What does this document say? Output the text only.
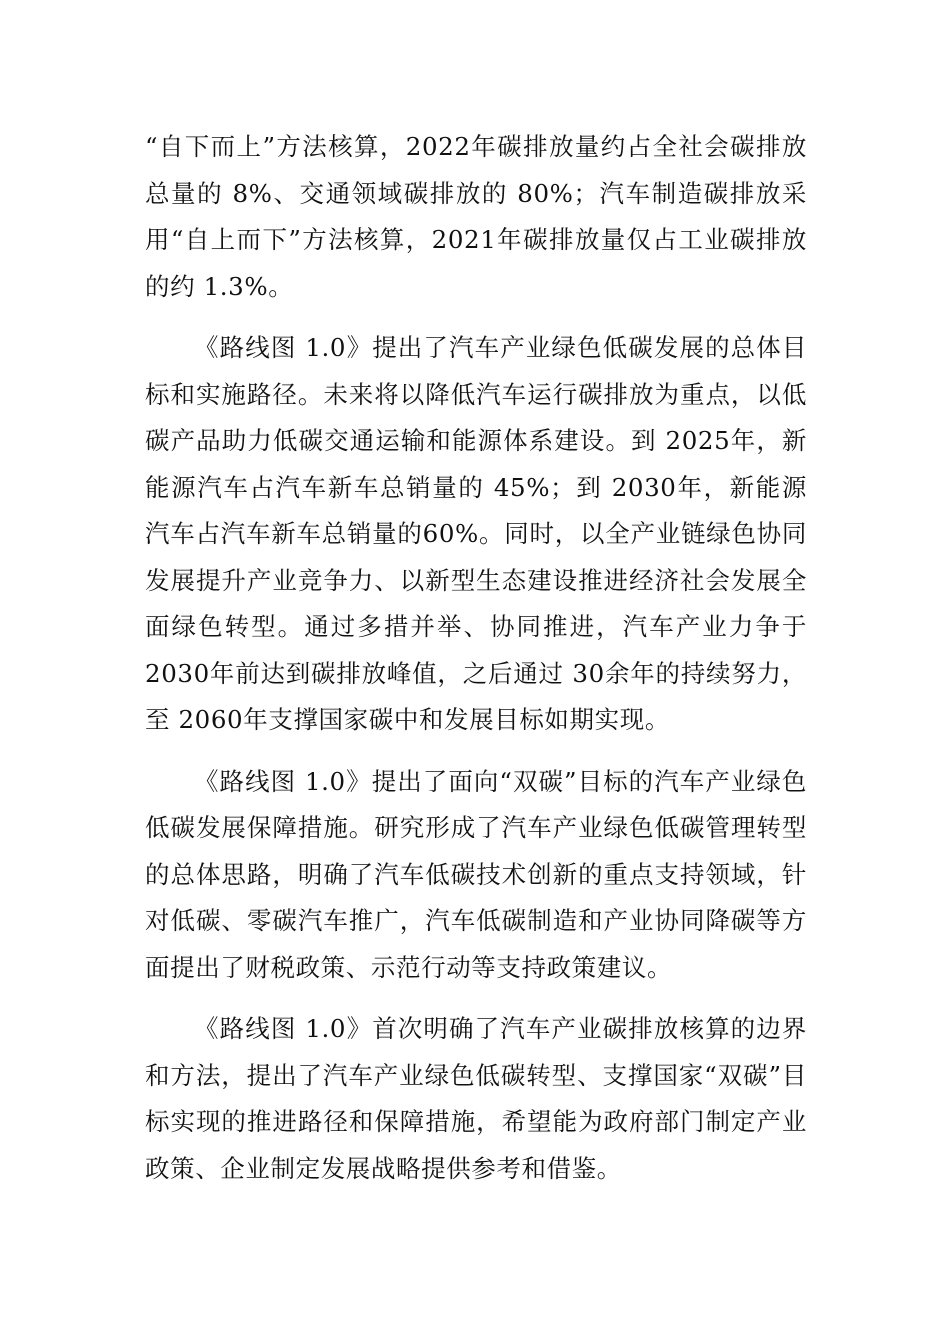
“自下而上”方法核算，2022年碳排放量约占全社会碳排放总量的 8%、交通领域碳排放的 80%；汽车制造碳排放采用“自上而下”方法核算，2021年碳排放量仅占工业碳排放的约 1.3%。

《路线图 1.0》提出了汽车产业绿色低碳发展的总体目标和实施路径。未来将以降低汽车运行碳排放为重点，以低碳产品助力低碳交通运输和能源体系建设。到 2025年，新能源汽车占汽车新车总销量的 45%；到 2030年，新能源汽车占汽车新车总销量的60%。同时，以全产业链绿色协同发展提升产业竞争力、以新型生态建设推进经济社会发展全面绿色转型。通过多措并举、协同推进，汽车产业力争于2030年前达到碳排放峰值，之后通过 30余年的持续努力，至 2060年支撑国家碳中和发展目标如期实现。

《路线图 1.0》提出了面向“双碳”目标的汽车产业绿色低碳发展保障措施。研究形成了汽车产业绿色低碳管理转型的总体思路，明确了汽车低碳技术创新的重点支持领域，针对低碳、零碳汽车推广，汽车低碳制造和产业协同降碳等方面提出了财税政策、示范行动等支持政策建议。

《路线图 1.0》首次明确了汽车产业碳排放核算的边界和方法，提出了汽车产业绿色低碳转型、支撑国家“双碳”目标实现的推进路径和保障措施，希望能为政府部门制定产业政策、企业制定发展战略提供参考和借鉴。
